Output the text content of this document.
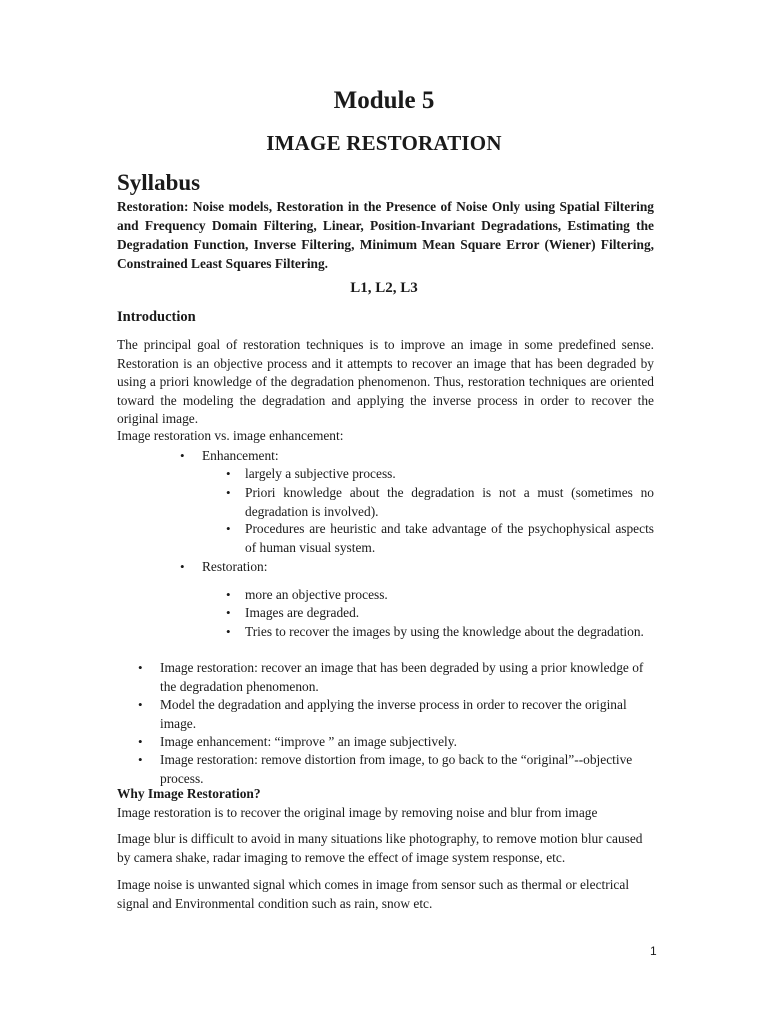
Module 5
IMAGE RESTORATION
Syllabus
Restoration: Noise models, Restoration in the Presence of Noise Only using Spatial Filtering and Frequency Domain Filtering, Linear, Position-Invariant Degradations, Estimating the Degradation Function, Inverse Filtering, Minimum Mean Square Error (Wiener) Filtering, Constrained Least Squares Filtering.
L1, L2, L3
Introduction
The principal goal of restoration techniques is to improve an image in some predefined sense. Restoration is an objective process and it attempts to recover an image that has been degraded by using a priori knowledge of the degradation phenomenon. Thus, restoration techniques are oriented toward the modeling the degradation and applying the inverse process in order to recover the original image.
Image restoration vs. image enhancement:
• Enhancement:
• largely a subjective process.
• Priori knowledge about the degradation is not a must (sometimes no degradation is involved).
• Procedures are heuristic and take advantage of the psychophysical aspects of human visual system.
• Restoration:
• more an objective process.
• Images are degraded.
• Tries to recover the images by using the knowledge about the degradation.
• Image restoration: recover an image that has been degraded by using a prior knowledge of the degradation phenomenon.
• Model the degradation and applying the inverse process in order to recover the original image.
• Image enhancement: “improve ” an image subjectively.
• Image restoration: remove distortion from image, to go back to the “original”--objective process.
Why Image Restoration?
Image restoration is to recover the original image by removing noise and blur from image
Image blur is difficult to avoid in many situations like photography, to remove motion blur caused by camera shake, radar imaging to remove the effect of image system response, etc.
Image noise is unwanted signal which comes in image from sensor such as thermal or electrical signal and Environmental condition such as rain, snow etc.
1
